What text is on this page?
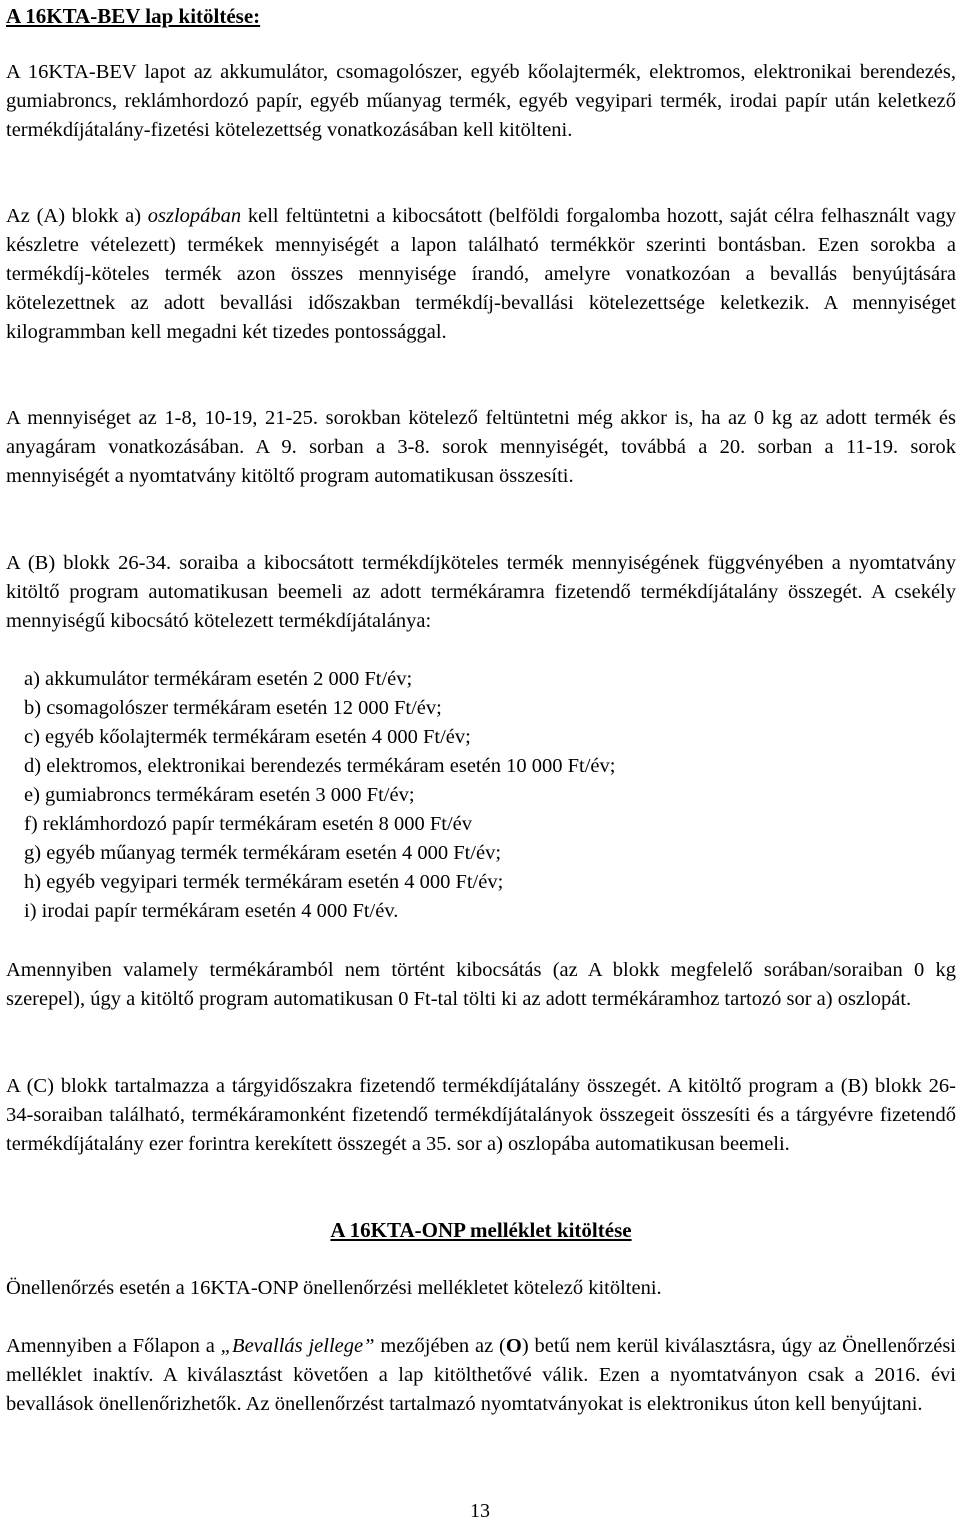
A 16KTA-BEV lap kitöltése:

A 16KTA-BEV lapot az akkumulátor, csomagolószer, egyéb kőolajtermék, elektromos, elektronikai berendezés, gumiabroncs, reklámhordozó papír, egyéb műanyag termék, egyéb vegyipari termék, irodai papír után keletkező termékdíjátalány-fizetési kötelezettség vonatkozásában kell kitölteni.

Az (A) blokk a) oszlopában kell feltüntetni a kibocsátott (belföldi forgalomba hozott, saját célra felhasznált vagy készletre vételezett) termékek mennyiségét a lapon található termékkör szerinti bontásban. Ezen sorokba a termékdíj-köteles termék azon összes mennyisége írandó, amelyre vonatkozóan a bevallás benyújtására kötelezettnek az adott bevallási időszakban termékdíj-bevallási kötelezettsége keletkezik. A mennyiséget kilogrammban kell megadni két tizedes pontossággal.

A mennyiséget az 1-8, 10-19, 21-25. sorokban kötelező feltüntetni még akkor is, ha az 0 kg az adott termék és anyagáram vonatkozásában. A 9. sorban a 3-8. sorok mennyiségét, továbbá a 20. sorban a 11-19. sorok mennyiségét a nyomtatvány kitöltő program automatikusan összesíti.

A (B) blokk 26-34. soraiba a kibocsátott termékdíjköteles termék mennyiségének függvényében a nyomtatvány kitöltő program automatikusan beemeli az adott termékáramra fizetendő termékdíjátalány összegét. A csekély mennyiségű kibocsátó kötelezett termékdíjátalánya:

a) akkumulátor termékáram esetén 2 000 Ft/év;
b) csomagolószer termékáram esetén 12 000 Ft/év;
c) egyéb kőolajtermék termékáram esetén 4 000 Ft/év;
d) elektromos, elektronikai berendezés termékáram esetén 10 000 Ft/év;
e) gumiabroncs termékáram esetén 3 000 Ft/év;
f) reklámhordozó papír termékáram esetén 8 000 Ft/év
g) egyéb műanyag termék termékáram esetén 4 000 Ft/év;
h) egyéb vegyipari termék termékáram esetén 4 000 Ft/év;
i) irodai papír termékáram esetén 4 000 Ft/év.

Amennyiben valamely termékáramból nem történt kibocsátás (az A blokk megfelelő sorában/soraiban 0 kg szerepel), úgy a kitöltő program automatikusan 0 Ft-tal tölti ki az adott termékáramhoz tartozó sor a) oszlopát.

A (C) blokk tartalmazza a tárgyidőszakra fizetendő termékdíjátalány összegét. A kitöltő program a (B) blokk 26-34-soraiban található, termékáramonként fizetendő termékdíjátalányok összegeit összesíti és a tárgyévre fizetendő termékdíjátalány ezer forintra kerekített összegét a 35. sor a) oszlopába automatikusan beemeli.

A 16KTA-ONP melléklet kitöltése

Önellenőrzés esetén a 16KTA-ONP önellenőrzési mellékletet kötelező kitölteni.

Amennyiben a Főlapon a „Bevallás jellege” mezőjében az (O) betű nem kerül kiválasztásra, úgy az Önellenőrzési melléklet inaktív. A kiválasztást követően a lap kitölthetővé válik. Ezen a nyomtatványon csak a 2016. évi bevallások önellenőrizhetők. Az önellenőrzést tartalmazó nyomtatványokat is elektronikus úton kell benyújtani.

13
